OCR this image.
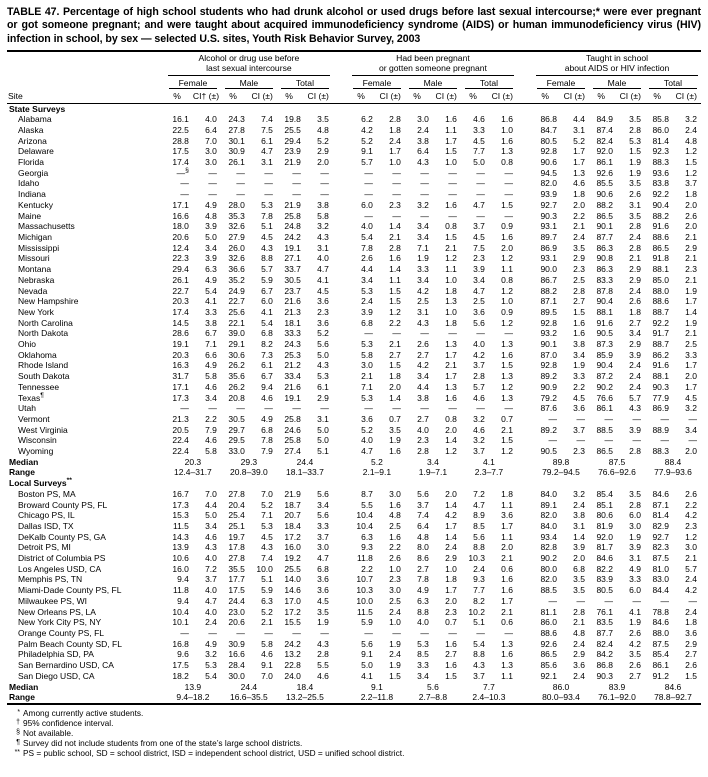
TABLE 47. Percentage of high school students who had drunk alcohol or used drugs before last sexual intercourse;* were ever pregnant or got someone pregnant; and were taught about acquired immunodeficiency syndrome (AIDS) or human immunodeficiency virus (HIV) infection in school, by sex — selected U.S. sites, Youth Risk Behavior Survey, 2003
Site	
Alcohol or drug use before
last sexual intercourse

Had been pregnant
or gotten someone pregnant

Taught in school
about AIDS or HIV infection

	Female		Male		Total			Female		Male		Total			Female		Male		Total	

	%	CI† (±)	%	CI (±)	%	CI (±)		%	CI (±)	%	CI (±)	%	CI (±)		%	CI (±)	%	CI (±)	%	CI (±)
State Surveys																				
Alabama	16.1	4.0	24.3	7.4	19.8	3.5		6.2	2.8	3.0	1.6	4.6	1.6		86.8	4.4	84.9	3.5	85.8	3.2
Alaska	22.5	6.4	27.8	7.5	25.5	4.8		4.2	1.8	2.4	1.1	3.3	1.0		84.7	3.1	87.4	2.8	86.0	2.4
Arizona	28.8	7.0	30.1	6.1	29.4	5.2		5.2	2.4	3.8	1.7	4.5	1.6		80.5	5.2	82.4	5.3	81.4	4.8
Delaware	17.5	3.0	30.9	4.7	23.9	2.9		9.1	1.7	6.4	1.5	7.7	1.3		92.8	1.7	92.0	1.5	92.3	1.2
Florida	17.4	3.0	26.1	3.1	21.9	2.0		5.7	1.0	4.3	1.0	5.0	0.8		90.6	1.7	86.1	1.9	88.3	1.5
Georgia	—§	—	—	—	—	—		—	—	—	—	—	—		94.5	1.3	92.6	1.9	93.6	1.2
Idaho	—	—	—	—	—	—		—	—	—	—	—	—		82.0	4.6	85.5	3.5	83.8	3.7
Indiana	—	—	—	—	—	—		—	—	—	—	—	—		93.9	1.8	90.6	2.6	92.2	1.8
Kentucky	17.1	4.9	28.0	5.3	21.9	3.8		6.0	2.3	3.2	1.6	4.7	1.5		92.7	2.0	88.2	3.1	90.4	2.0
Maine	16.6	4.8	35.3	7.8	25.8	5.8		—	—	—	—	—	—		90.3	2.2	86.5	3.5	88.2	2.6
Massachusetts	18.0	3.9	32.6	5.1	24.8	3.2		4.0	1.4	3.4	0.8	3.7	0.9		93.1	2.1	90.1	2.8	91.6	2.0
Michigan	20.6	5.0	27.9	4.5	24.2	4.3		5.4	2.1	3.4	1.5	4.5	1.6		89.7	2.4	87.7	2.4	88.6	2.1
Mississippi	12.4	3.4	26.0	4.3	19.1	3.1		7.8	2.8	7.1	2.1	7.5	2.0		86.9	3.5	86.3	2.8	86.5	2.9
Missouri	22.3	3.9	32.6	8.8	27.1	4.0		2.6	1.6	1.9	1.2	2.3	1.2		93.1	2.9	90.8	2.1	91.8	2.1
Montana	29.4	6.3	36.6	5.7	33.7	4.7		4.4	1.4	3.3	1.1	3.9	1.1		90.0	2.3	86.3	2.9	88.1	2.3
Nebraska	26.1	4.9	35.2	5.9	30.5	4.1		3.4	1.1	3.4	1.0	3.4	0.8		86.7	2.5	83.3	2.9	85.0	2.1
Nevada	22.7	5.4	24.9	6.7	23.7	4.5		5.3	1.5	4.2	1.8	4.7	1.2		88.2	2.8	87.8	2.4	88.0	1.9
New Hampshire	20.3	4.1	22.7	6.0	21.6	3.6		2.4	1.5	2.5	1.3	2.5	1.0		87.1	2.7	90.4	2.6	88.6	1.7
New York	17.4	3.3	25.6	4.1	21.3	2.3		3.9	1.2	3.1	1.0	3.6	0.9		89.5	1.5	88.1	1.8	88.7	1.4
North Carolina	14.5	3.8	22.1	5.4	18.1	3.6		6.8	2.2	4.3	1.8	5.6	1.2		92.8	1.6	91.6	2.7	92.2	1.9
North Dakota	28.6	6.7	39.0	6.8	33.3	5.2		—	—	—	—	—	—		93.2	1.6	90.5	3.4	91.7	2.1
Ohio	19.1	7.1	29.1	8.2	24.3	5.6		5.3	2.1	2.6	1.3	4.0	1.3		90.1	3.8	87.3	2.9	88.7	2.5
Oklahoma	20.3	6.6	30.6	7.3	25.3	5.0		5.8	2.7	2.7	1.7	4.2	1.6		87.0	3.4	85.9	3.9	86.2	3.3
Rhode Island	16.3	4.9	26.2	6.1	21.2	4.3		3.0	1.5	4.2	2.1	3.7	1.5		92.8	1.9	90.4	2.4	91.6	1.7
South Dakota	31.7	5.8	35.6	6.7	33.4	5.3		2.1	1.8	3.4	1.7	2.8	1.3		89.2	3.3	87.2	2.4	88.1	2.0
Tennessee	17.1	4.6	26.2	9.4	21.6	6.1		7.1	2.0	4.4	1.3	5.7	1.2		90.9	2.2	90.2	2.4	90.3	1.7
Texas¶	17.3	3.4	20.8	4.6	19.1	2.9		5.3	1.4	3.8	1.6	4.6	1.3		79.2	4.5	76.6	5.7	77.9	4.5
Utah	—	—	—	—	—	—		—	—	—	—	—	—		87.6	3.6	86.1	4.3	86.9	3.2
Vermont	21.3	2.2	30.5	4.9	25.8	3.1		3.6	0.7	2.7	0.8	3.2	0.7		—	—	—	—	—	—
West Virginia	20.5	7.9	29.7	6.8	24.6	5.0		5.2	3.5	4.0	2.0	4.6	2.1		89.2	3.7	88.5	3.9	88.9	3.4
Wisconsin	22.4	4.6	29.5	7.8	25.8	5.0		4.0	1.9	2.3	1.4	3.2	1.5		—	—	—	—	—	—
Wyoming	22.4	5.8	33.0	7.9	27.4	5.1		4.7	1.6	2.8	1.2	3.7	1.2		90.5	2.3	86.5	2.8	88.3	2.0
Median	20.3		29.3		24.4			5.2		3.4		4.1			89.8		87.5		88.4	
Range	12.4–31.7		20.8–39.0		18.1–33.7			2.1–9.1		1.9–7.1		2.3–7.7			79.2–94.5		76.6–92.6		77.9–93.6	
Local Surveys**
Boston PS, MA	16.7	7.0	27.8	7.0	21.9	5.6		8.7	3.0	5.6	2.0	7.2	1.8		84.0	3.2	85.4	3.5	84.6	2.6
Broward County PS, FL	17.3	4.4	20.4	5.2	18.7	3.4		5.5	1.6	3.7	1.4	4.7	1.1		89.1	2.4	85.1	2.8	87.1	2.2
Chicago PS, IL	15.3	5.0	25.4	7.1	20.7	5.6		10.4	4.8	7.4	4.2	8.9	3.6		82.0	3.8	80.6	6.0	81.4	4.2
Dallas ISD, TX	11.5	3.4	25.1	5.3	18.4	3.3		10.4	2.5	6.4	1.7	8.5	1.7		84.0	3.1	81.9	3.0	82.9	2.3
DeKalb County PS, GA	14.3	4.6	19.7	4.5	17.2	3.7		6.3	1.6	4.8	1.4	5.6	1.1		93.4	1.4	92.0	1.9	92.7	1.2
Detroit PS, MI	13.9	4.3	17.8	4.3	16.0	3.0		9.3	2.2	8.0	2.4	8.8	2.0		82.8	3.9	81.7	3.9	82.3	3.0
District of Columbia PS	10.6	4.0	27.8	7.4	19.2	4.7		11.8	2.6	8.6	2.9	10.3	2.1		90.2	2.0	84.6	3.1	87.5	2.1
Los Angeles USD, CA	16.0	7.2	35.5	10.0	25.5	6.8		2.2	1.0	2.7	1.0	2.4	0.6		80.0	6.8	82.2	4.9	81.0	5.7
Memphis PS, TN	9.4	3.7	17.7	5.1	14.0	3.6		10.7	2.3	7.8	1.8	9.3	1.6		82.0	3.5	83.9	3.3	83.0	2.4
Miami-Dade County PS, FL	11.8	4.0	17.5	5.9	14.6	3.6		10.3	3.0	4.9	1.7	7.7	1.6		88.5	3.5	80.5	6.0	84.4	4.2
Milwaukee PS, WI	9.4	4.7	24.4	6.3	17.0	4.5		10.0	2.5	6.3	2.0	8.2	1.7		—	—	—	—	—	—
New Orleans PS, LA	10.4	4.0	23.0	5.2	17.2	3.5		11.5	2.4	8.8	2.3	10.2	2.1		81.1	2.8	76.1	4.1	78.8	2.4
New York City PS, NY	10.1	2.4	20.6	2.1	15.5	1.9		5.9	1.0	4.0	0.7	5.1	0.6		86.0	2.1	83.5	1.9	84.6	1.8
Orange County PS, FL	—	—	—	—	—	—		—	—	—	—	—	—		88.6	4.8	87.7	2.6	88.0	3.6
Palm Beach County SD, FL	16.8	4.9	30.9	5.8	24.2	4.3		5.6	1.9	5.3	1.6	5.4	1.3		92.6	2.4	82.4	4.2	87.5	2.9
Philadelphia SD, PA	9.6	3.2	16.6	4.6	13.2	2.8		9.1	2.4	8.5	2.7	8.8	1.6		86.5	2.9	84.2	3.5	85.4	2.7
San Bernardino USD, CA	17.5	5.3	28.4	9.1	22.8	5.5		5.0	1.9	3.3	1.6	4.3	1.3		85.6	3.6	86.8	2.6	86.1	2.6
San Diego USD, CA	18.2	5.4	30.0	7.0	24.0	4.6		4.1	1.5	3.4	1.5	3.7	1.1		92.1	2.4	90.3	2.7	91.2	1.5
Median	13.9		24.4		18.4			9.1		5.6		7.7			86.0		83.9		84.6	
Range	9.4–18.2		16.6–35.5		13.2–25.5			2.2–11.8		2.7–8.8		2.4–10.3			80.0–93.4		76.1–92.0		78.8–92.7	
* Among currently active students.
† 95% confidence interval.
§ Not available.
¶ Survey did not include students from one of the state’s large school districts.
** PS = public school, SD = school district, ISD = independent school district, USD = unified school district.
